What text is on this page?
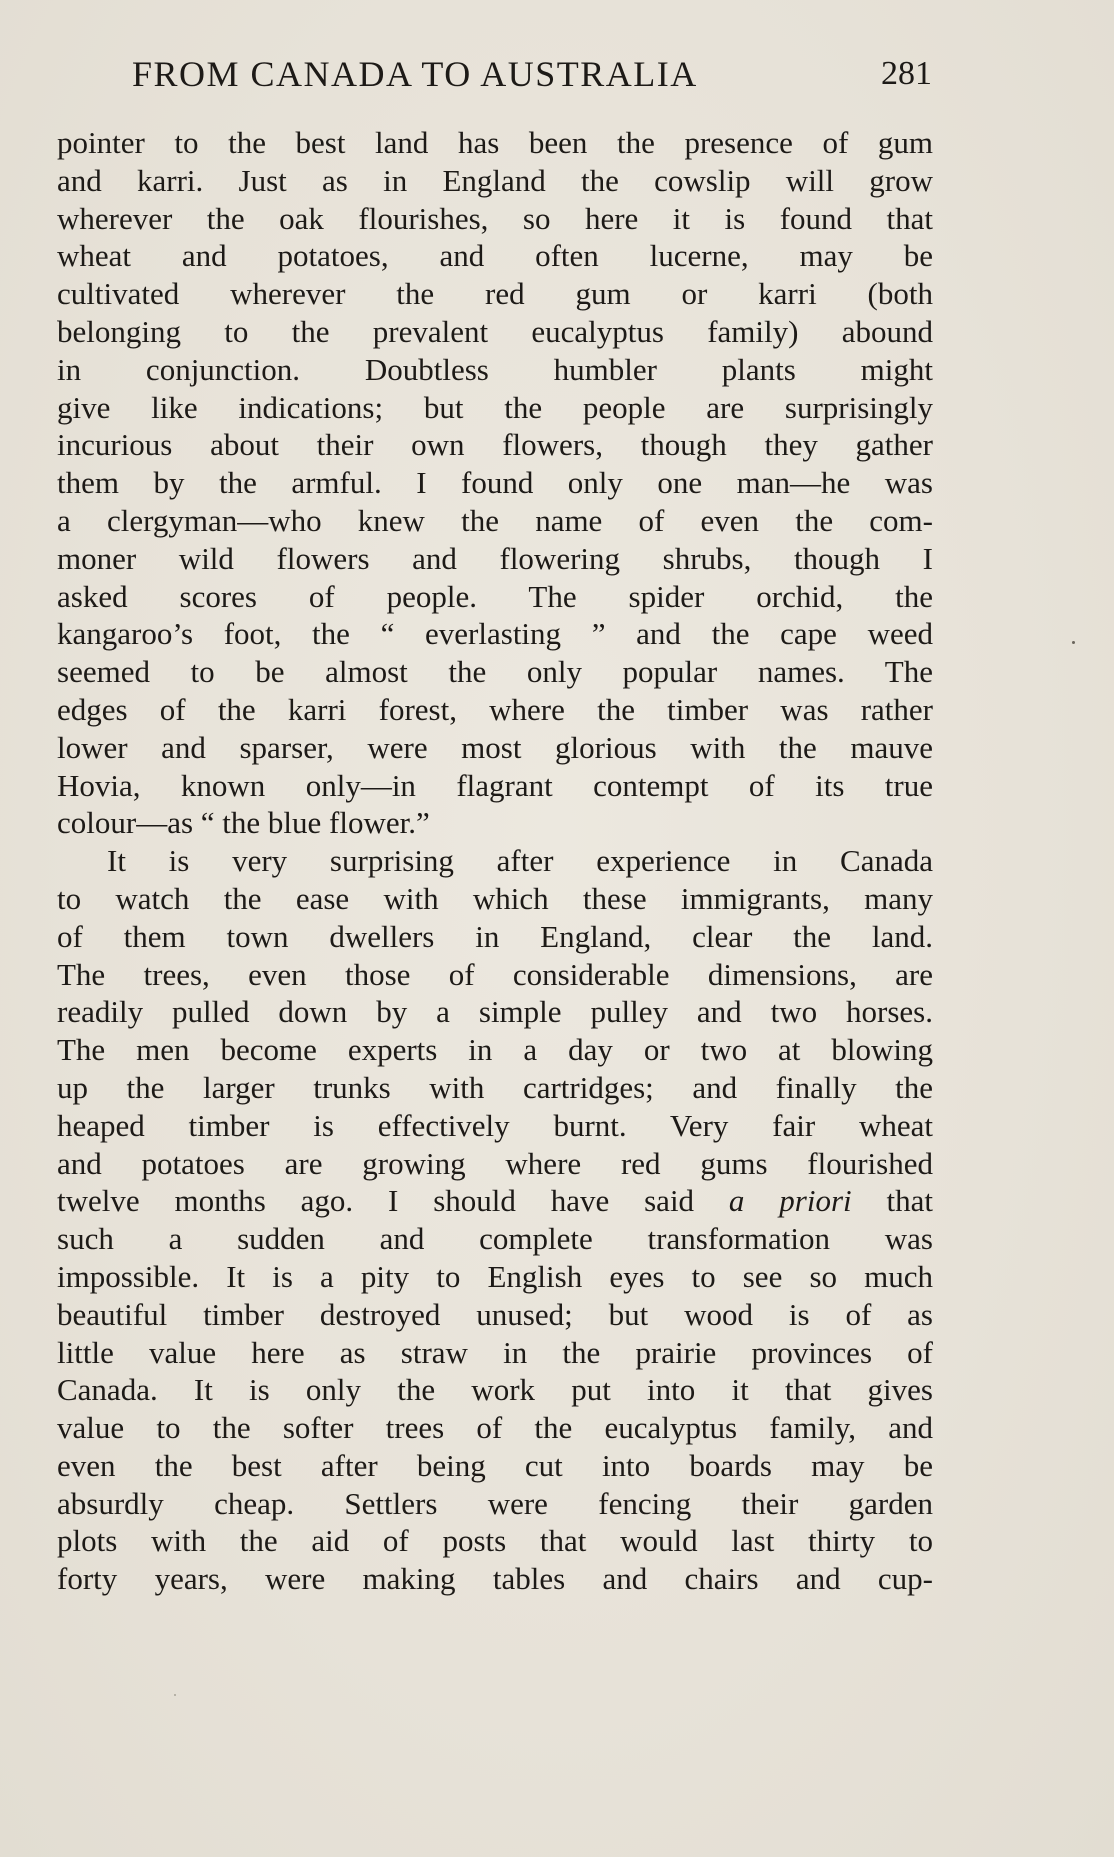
FROM CANADA TO AUSTRALIA	281
pointer to the best land has been the presence of gum
and karri. Just as in England the cowslip will grow
wherever the oak flourishes, so here it is found that
wheat and potatoes, and often lucerne, may be
cultivated wherever the red gum or karri (both
belonging to the prevalent eucalyptus family) abound
in conjunction. Doubtless humbler plants might
give like indications; but the people are surprisingly
incurious about their own flowers, though they gather
them by the armful. I found only one man—he was
a clergyman—who knew the name of even the com-
moner wild flowers and flowering shrubs, though I
asked scores of people. The spider orchid, the
kangaroo’s foot, the “ everlasting ” and the cape weed
seemed to be almost the only popular names. The
edges of the karri forest, where the timber was rather
lower and sparser, were most glorious with the mauve
Hovia, known only—in flagrant contempt of its true
colour—as “ the blue flower.”
It is very surprising after experience in Canada
to watch the ease with which these immigrants, many
of them town dwellers in England, clear the land.
The trees, even those of considerable dimensions, are
readily pulled down by a simple pulley and two horses.
The men become experts in a day or two at blowing
up the larger trunks with cartridges; and finally the
heaped timber is effectively burnt. Very fair wheat
and potatoes are growing where red gums flourished
twelve months ago. I should have said a priori that
such a sudden and complete transformation was
impossible. It is a pity to English eyes to see so much
beautiful timber destroyed unused; but wood is of as
little value here as straw in the prairie provinces of
Canada. It is only the work put into it that gives
value to the softer trees of the eucalyptus family, and
even the best after being cut into boards may be
absurdly cheap. Settlers were fencing their garden
plots with the aid of posts that would last thirty to
forty years, were making tables and chairs and cup-
